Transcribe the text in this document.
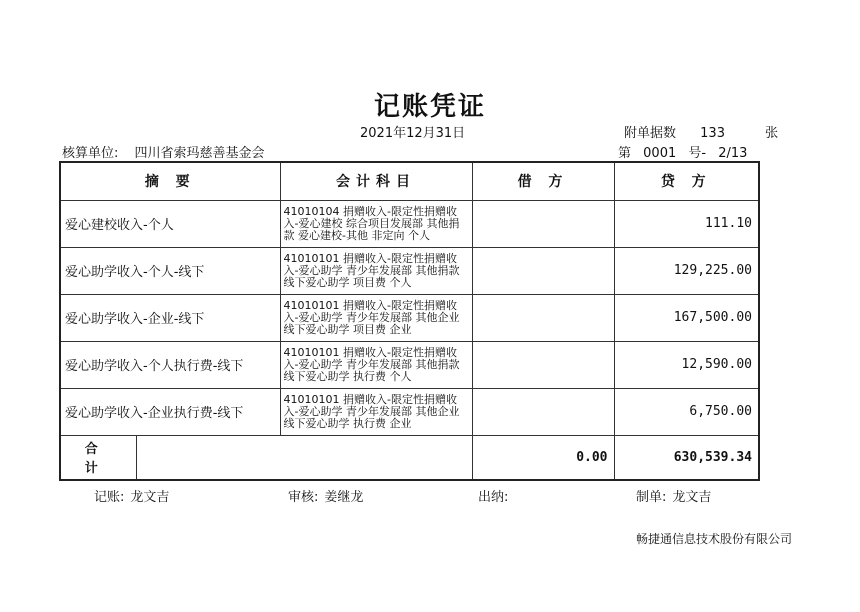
记账凭证
2021年12月31日	附单据数 133	张
核算单位: 四川省索玛慈善基金会	第 0001 号- 2/13
摘 要		会计科目	借 方	贷 方
爱心建校收入-个人		41010104 捐赠收入-限定性捐赠收入-爱心建校 综合项目发展部 其他捐款 爱心建校-其他 非定向 个人		111.10
爱心助学收入-个人-线下		41010101 捐赠收入-限定性捐赠收入-爱心助学 青少年发展部 其他捐款 线下爱心助学 项目费 个人		129,225.00
爱心助学收入-企业-线下		41010101 捐赠收入-限定性捐赠收入-爱心助学 青少年发展部 其他企业 线下爱心助学 项目费 企业		167,500.00
爱心助学收入-个人执行费-线下		41010101 捐赠收入-限定性捐赠收入-爱心助学 青少年发展部 其他捐款 线下爱心助学 执行费 个人		12,590.00
爱心助学收入-企业执行费-线下		41010101 捐赠收入-限定性捐赠收入-爱心助学 青少年发展部 其他企业 线下爱心助学 执行费 企业		6,750.00
合 计			0.00	630,539.34
记账: 龙文吉	审核: 姜继龙	出纳:	制单: 龙文吉
畅捷通信息技术股份有限公司
